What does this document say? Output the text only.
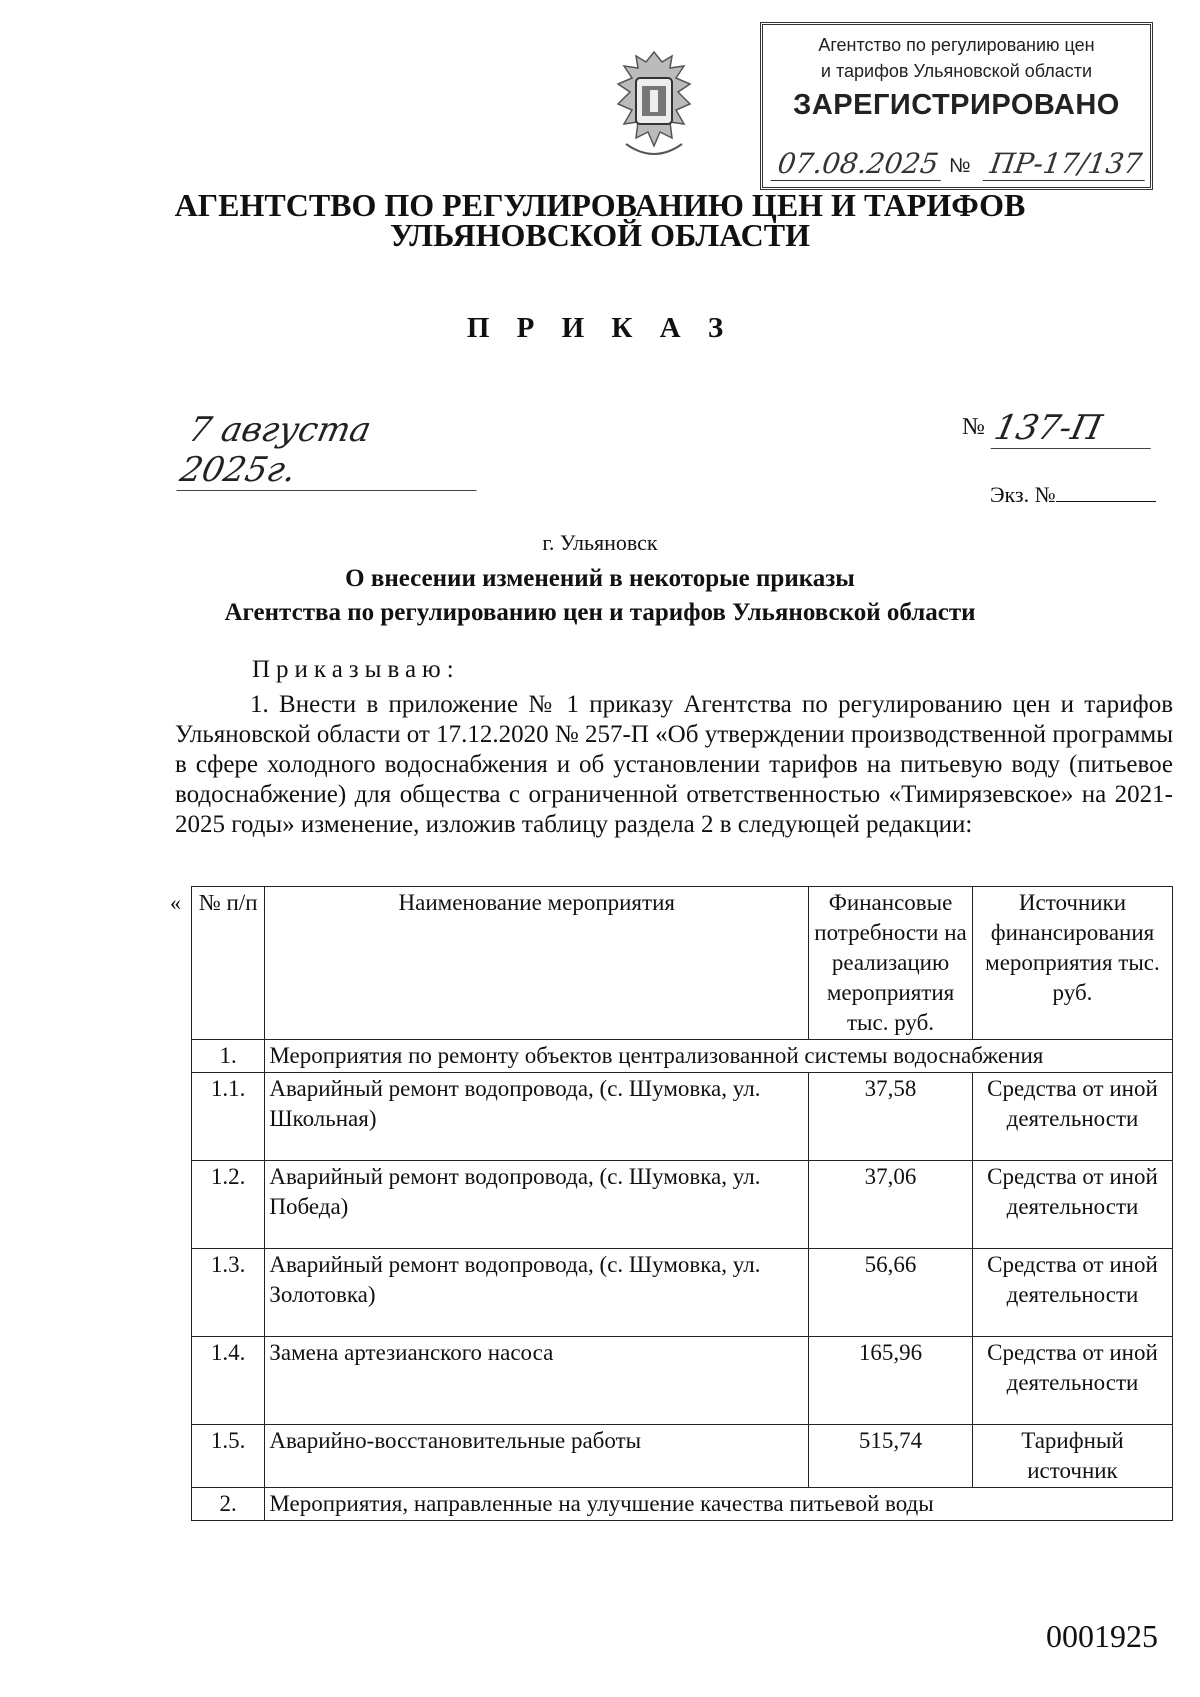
Агентство по регулированию цен
и тарифов Ульяновской области
ЗАРЕГИСТРИРОВАНО
07.08.2025 № ПР-17/137
АГЕНТСТВО ПО РЕГУЛИРОВАНИЮ ЦЕН И ТАРИФОВ
УЛЬЯНОВСКОЙ ОБЛАСТИ
П Р И К А З
7 августа 2025г.
№ 137-П
Экз. №
г. Ульяновск
О внесении изменений в некоторые приказы
Агентства по регулированию цен и тарифов Ульяновской области
Приказываю:
1. Внести в приложение № 1 приказу Агентства по регулированию цен и тарифов Ульяновской области от 17.12.2020 № 257-П «Об утверждении производственной программы в сфере холодного водоснабжения и об установлении тарифов на питьевую воду (питьевое водоснабжение) для общества с ограниченной ответственностью «Тимирязевское» на 2021-2025 годы» изменение, изложив таблицу раздела 2 в следующей редакции:
« № п/п	Наименование мероприятия	Финансовые потребности на реализацию мероприятия тыс. руб.	Источники финансирования мероприятия тыс. руб.
1.	Мероприятия по ремонту объектов централизованной системы водоснабжения		
1.1.	Аварийный ремонт водопровода, (с. Шумовка, ул. Школьная)	37,58	Средства от иной деятельности
1.2.	Аварийный ремонт водопровода, (с. Шумовка, ул. Победа)	37,06	Средства от иной деятельности
1.3.	Аварийный ремонт водопровода, (с. Шумовка, ул. Золотовка)	56,66	Средства от иной деятельности
1.4.	Замена артезианского насоса	165,96	Средства от иной деятельности
1.5.	Аварийно-восстановительные работы	515,74	Тарифный источник
2.	Мероприятия, направленные на улучшение качества питьевой воды		
0001925
